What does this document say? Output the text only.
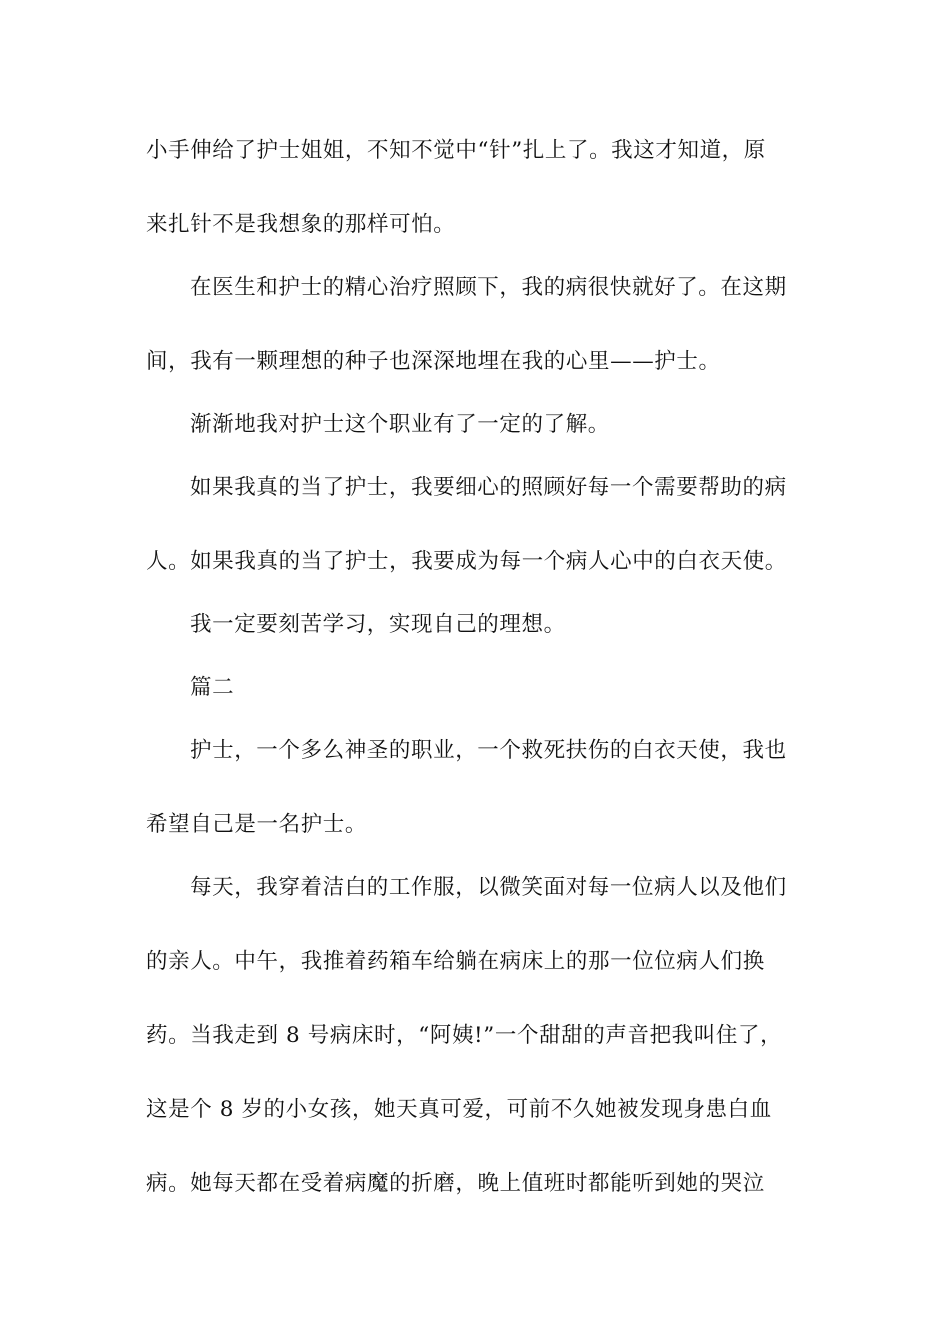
小手伸给了护士姐姐，不知不觉中“针”扎上了。我这才知道，原
来扎针不是我想象的那样可怕。
在医生和护士的精心治疗照顾下，我的病很快就好了。在这期
间，我有一颗理想的种子也深深地埋在我的心里——护士。
渐渐地我对护士这个职业有了一定的了解。
如果我真的当了护士，我要细心的照顾好每一个需要帮助的病
人。如果我真的当了护士，我要成为每一个病人心中的白衣天使。
我一定要刻苦学习，实现自己的理想。
篇二
护士，一个多么神圣的职业，一个救死扶伤的白衣天使，我也
希望自己是一名护士。
每天，我穿着洁白的工作服，以微笑面对每一位病人以及他们
的亲人。中午，我推着药箱车给躺在病床上的那一位位病人们换
药。当我走到 8 号病床时，“阿姨!”一个甜甜的声音把我叫住了，
这是个 8 岁的小女孩，她天真可爱，可前不久她被发现身患白血
病。她每天都在受着病魔的折磨，晚上值班时都能听到她的哭泣
